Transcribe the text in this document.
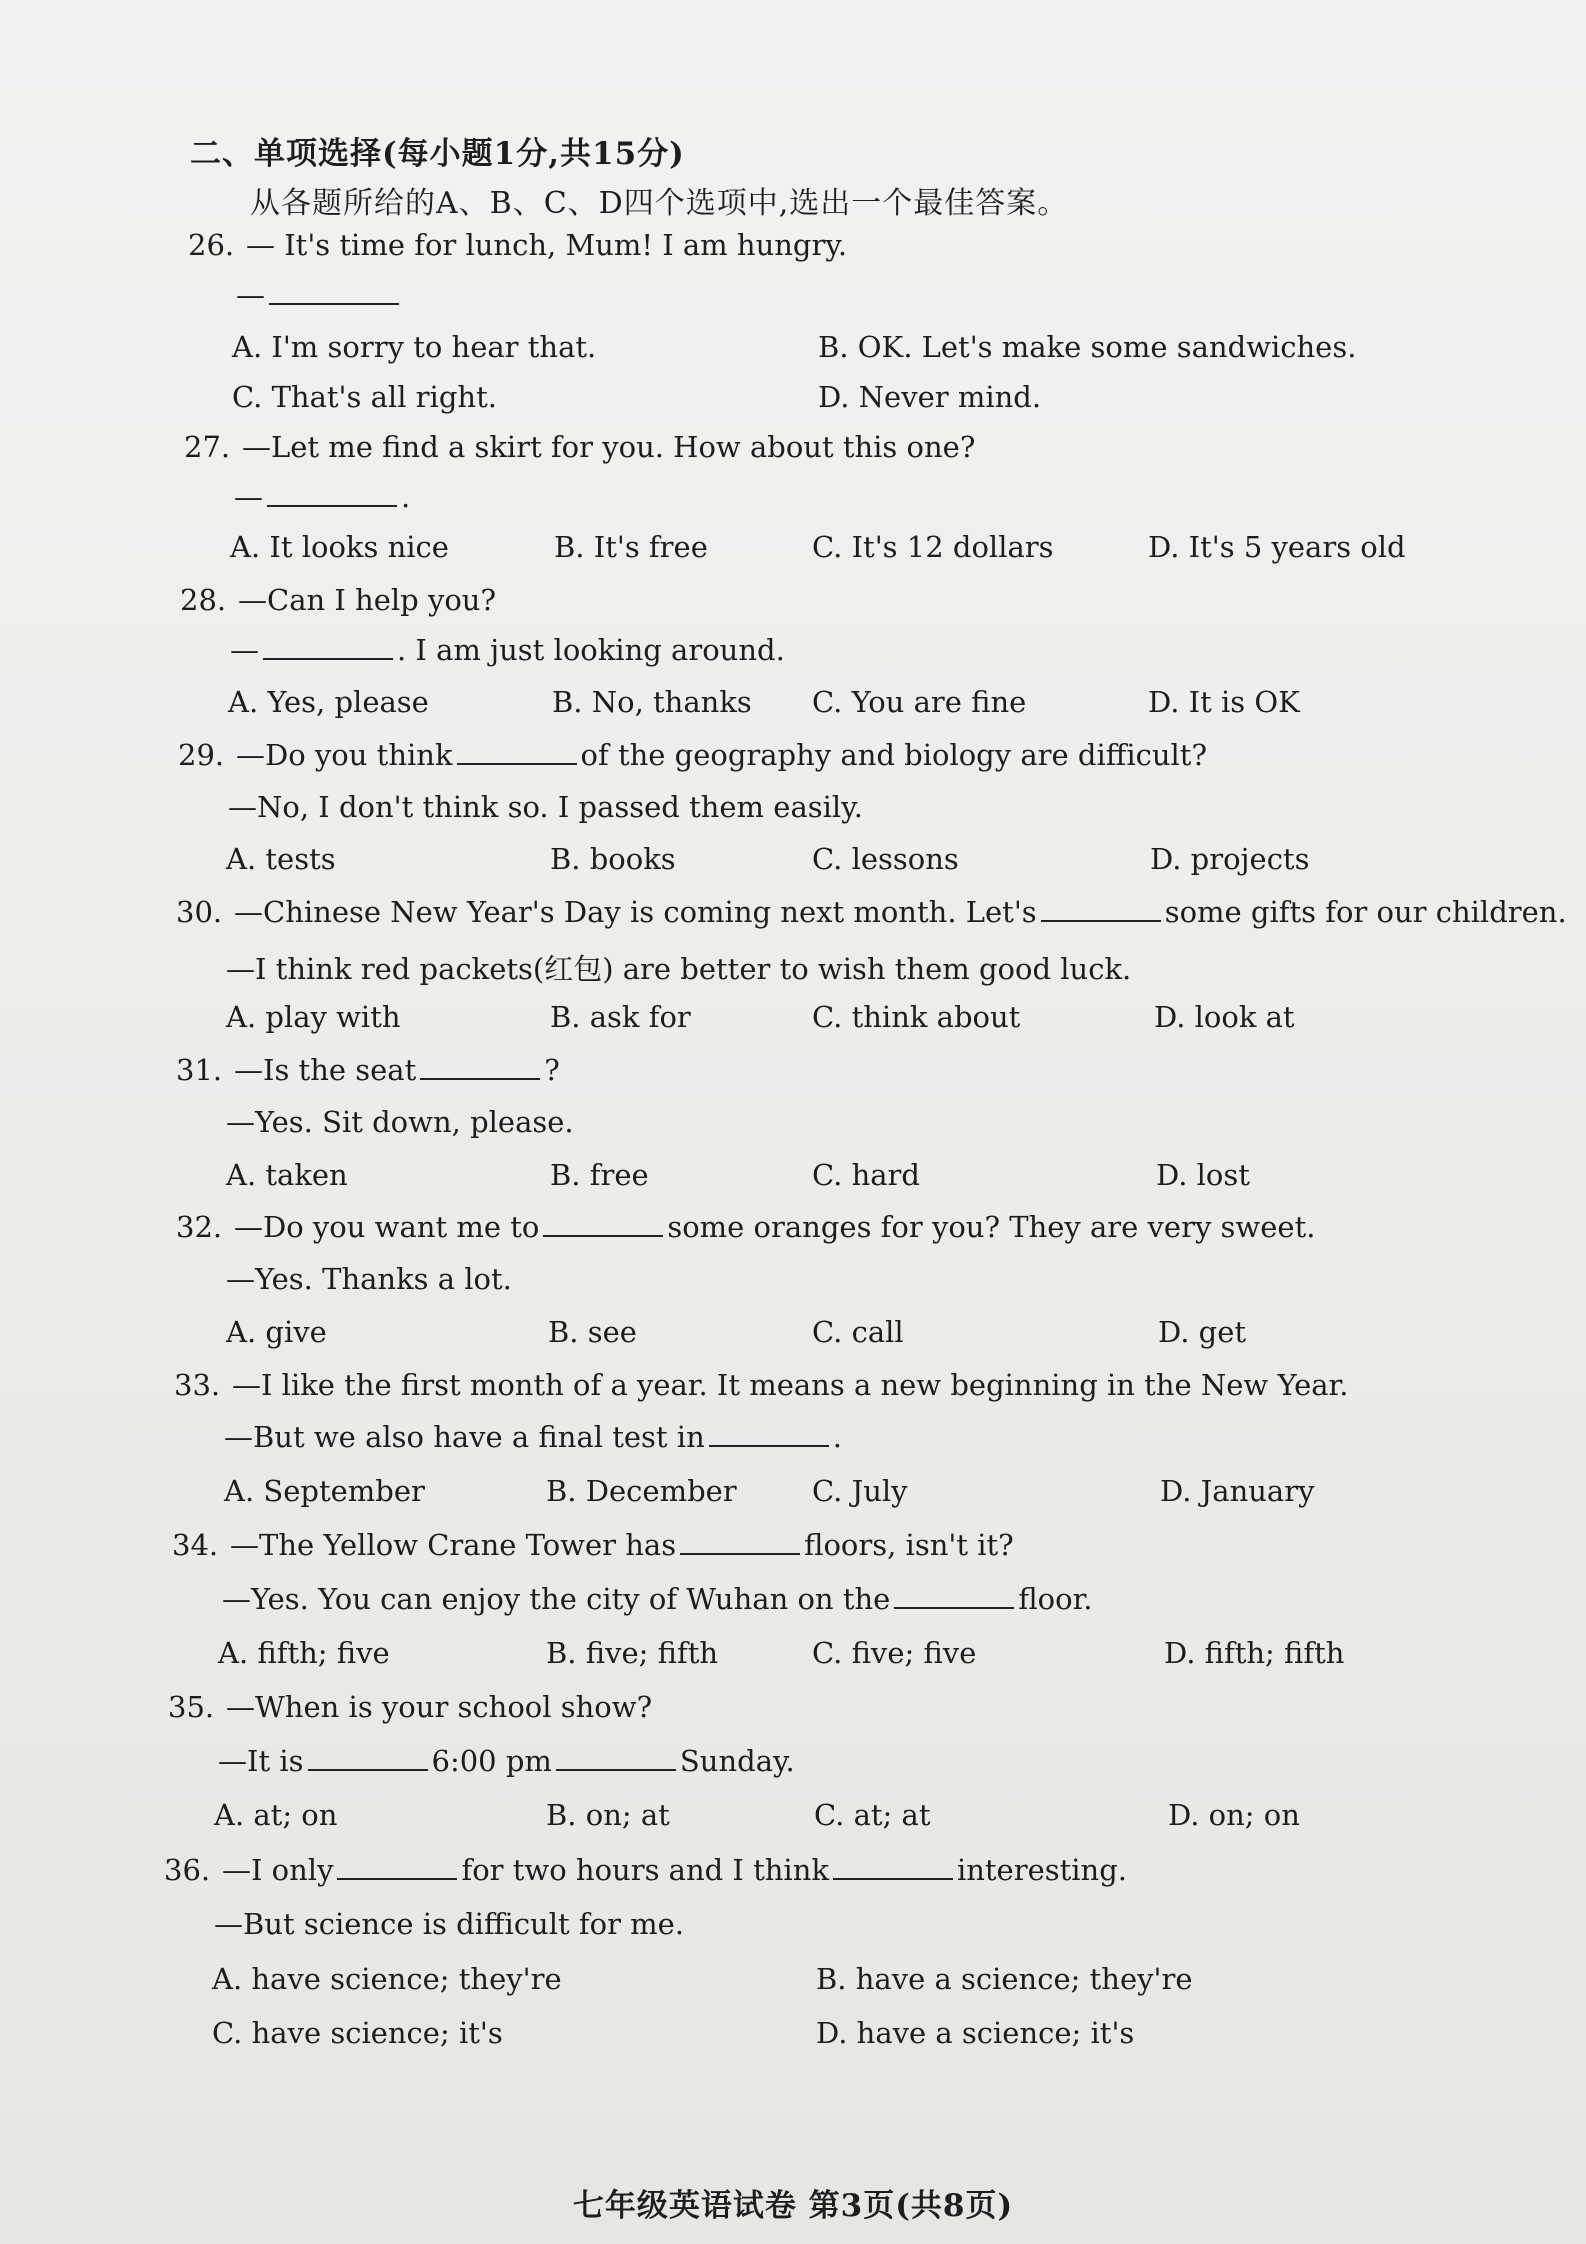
二、单项选择(每小题1分,共15分)
从各题所给的A、B、C、D四个选项中,选出一个最佳答案。
26. — It's time for lunch, Mum! I am hungry.
—
A. I'm sorry to hear that.	B. OK. Let's make some sandwiches.
C. That's all right.	D. Never mind.
27. —Let me find a skirt for you. How about this one?
—	.
A. It looks nice	B. It's free	C. It's 12 dollars	D. It's 5 years old
28. —Can I help you?
—	. I am just looking around.
A. Yes, please	B. No, thanks C. You are fine	D. It is OK
29. —Do you think	of the geography and biology are difficult?
—No, I don't think so. I passed them easily.
A. tests	B. books	C. lessons	D. projects
30. —Chinese New Year's Day is coming next month. Let's	some gifts for our children.
—I think red packets(红包) are better to wish them good luck.
A. play with	B. ask for	C. think about	D. look at
31. —Is the seat	?
—Yes. Sit down, please.
A. taken	B. free	C. hard	D. lost
32. —Do you want me to	some oranges for you? They are very sweet.
—Yes. Thanks a lot.
A. give	B. see	C. call	D. get
33. —I like the first month of a year. It means a new beginning in the New Year.
—But we also have a final test in	.
A. September	B. December	C. July	D. January
34. —The Yellow Crane Tower has	floors, isn't it?
—Yes. You can enjoy the city of Wuhan on the	floor.
A. fifth; five	B. five; fifth	C. five; five	D. fifth; fifth
35. —When is your school show?
—It is	6:00 pm	Sunday.
A. at; on	B. on; at	C. at; at	D. on; on
36. —I only	for two hours and I think	interesting.
—But science is difficult for me.
A. have science; they're	B. have a science; they're
C. have science; it's	D. have a science; it's
七年级英语试卷 第3页(共8页)
